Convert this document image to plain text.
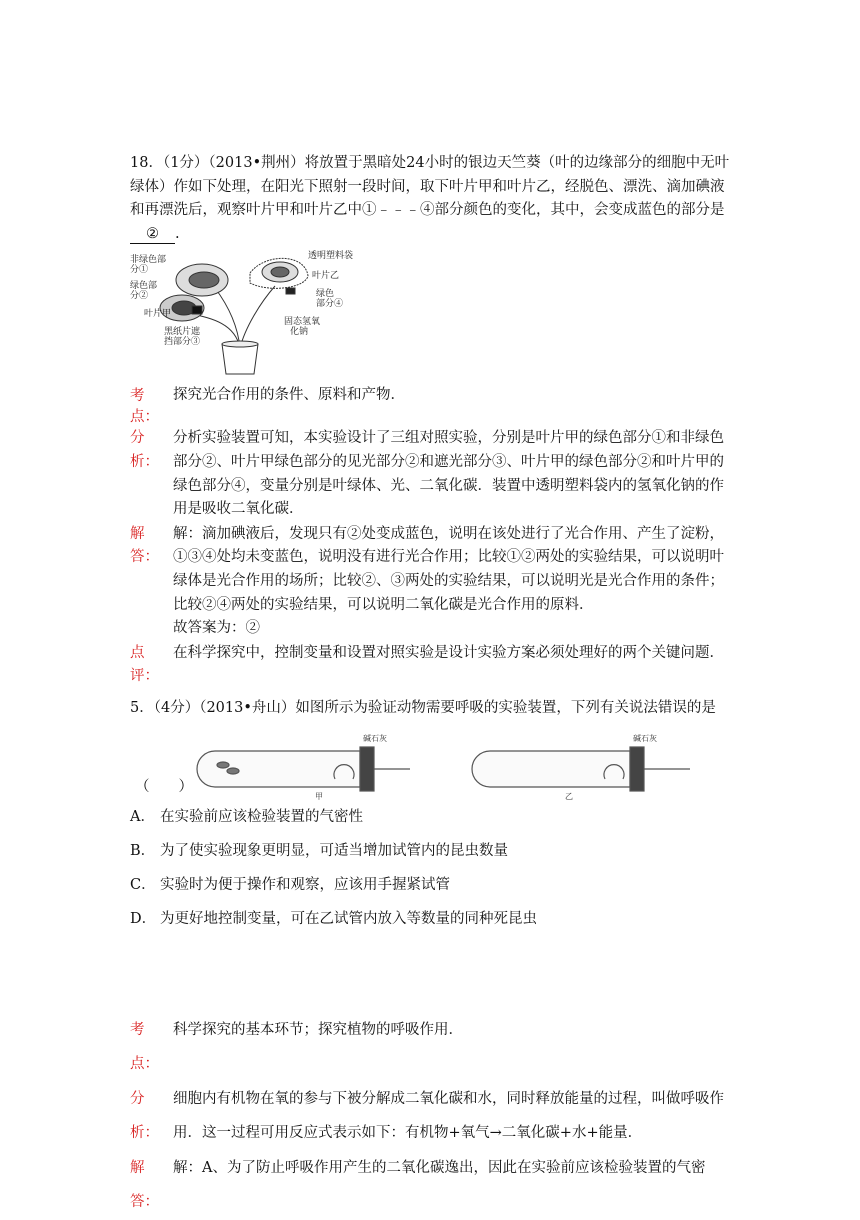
18．（1分）（2013•荆州）将放置于黑暗处24小时的银边天竺葵（叶的边缘部分的细胞中无叶绿体）作如下处理，在阳光下照射一段时间，取下叶片甲和叶片乙，经脱色、漂洗、滴加碘液和再漂洗后，观察叶片甲和叶片乙中①﹣﹣﹣④部分颜色的变化，其中，会变成蓝色的部分是② .

非绿色部
分①
绿色部
分②
叶片甲
黑纸片遮
挡部分③
透明塑料袋
叶片乙
绿色
部分④
固态氢氧
化钠
考点：
探究光合作用的条件、原料和产物．
分析：
分析实验装置可知，本实验设计了三组对照实验，分别是叶片甲的绿色部分①和非绿色部分②、叶片甲绿色部分的见光部分②和遮光部分③、叶片甲的绿色部分②和叶片甲的绿色部分④，变量分别是叶绿体、光、二氧化碳．装置中透明塑料袋内的氢氧化钠的作用是吸收二氧化碳．
解答：
解：滴加碘液后，发现只有②处变成蓝色，说明在该处进行了光合作用、产生了淀粉，①③④处均未变蓝色，说明没有进行光合作用；比较①②两处的实验结果，可以说明叶绿体是光合作用的场所；比较②、③两处的实验结果，可以说明光是光合作用的条件；比较②④两处的实验结果，可以说明二氧化碳是光合作用的原料．
故答案为：②
点评：
在科学探究中，控制变量和设置对照实验是设计实验方案必须处理好的两个关键问题．

5．（4分）（2013•舟山）如图所示为验证动物需要呼吸的实验装置，下列有关说法错误的是

（　　）
碱石灰	碱石灰
甲	乙
A． 在实验前应该检验装置的气密性
B． 为了使实验现象更明显，可适当增加试管内的昆虫数量
C． 实验时为便于操作和观察，应该用手握紧试管
D． 为更好地控制变量，可在乙试管内放入等数量的同种死昆虫
考点：
科学探究的基本环节；探究植物的呼吸作用．
分析：
细胞内有机物在氧的参与下被分解成二氧化碳和水，同时释放能量的过程，叫做呼吸作用．这一过程可用反应式表示如下：有机物+氧气→二氧化碳+水+能量．
解答：
解：A、为了防止呼吸作用产生的二氧化碳逸出，因此在实验前应该检验装置的气密
